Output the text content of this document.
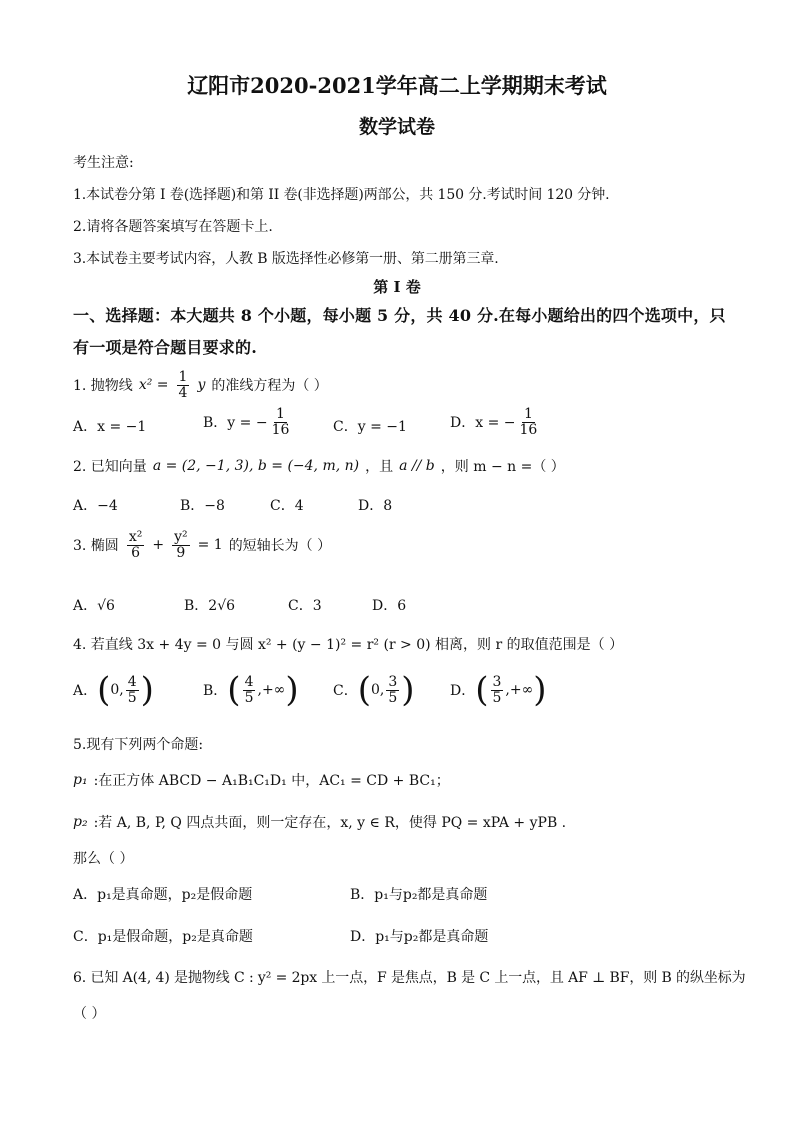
辽阳市2020-2021学年高二上学期期末考试
数学试卷
考生注意:
1.本试卷分第 I 卷(选择题)和第 II 卷(非选择题)两部公，共 150 分.考试时间 120 分钟.
2.请将各题答案填写在答题卡上.
3.本试卷主要考试内容，人教 B 版选择性必修第一册、第二册第三章.
第 I 卷
一、选择题：本大题共 8 个小题，每小题 5 分，共 40 分.在每小题给出的四个选项中，只有一项是符合题目要求的.
1. 抛物线 $x^2 = \frac{1}{4}$ y 的准线方程为（ ）
A．x = −1	B．y = − $\frac{1}{16}$	C．y = −1	D．x = − $\frac{1}{16}$
2. 已知向量 a = (2, −1, 3), b = (−4, m, n) ，且 a // b ，则 m − n =（ ）
A．−4	B．−8	C．4	D．8
3. 椭圆 $\frac{\text{x²}}{6} + \frac{\text{y²}}{9} = 1$ 的短轴长为（ ）
A．√6	B．2√6	C．3	D．6
4. 若直线 3x + 4y = 0 与圆 x² + (y − 1)² = r² (r > 0) 相离，则 r 的取值范围是（ ）
A． ( 0, $\frac{4}{5}$ )	B． ( $\frac{4}{5}$ , +∞ ) C． ( 0, $\frac{3}{5}$ )	D． ( $\frac{3}{5}$ , +∞ )
5.现有下列两个命题:
p₁ :在正方体 ABCD − A₁B₁C₁D₁ 中，AC₁ = CD + BC₁；
p₂ :若 A, B, P, Q 四点共面，则一定存在，x, y ∈ R，使得 PQ = xPA + yPB .
那么（ ）
A．p₁是真命题，p₂是假命题	B．p₁与p₂都是真命题
C．p₁是假命题，p₂是真命题	D．p₁与p₂都是真命题
6. 已知 A(4, 4) 是抛物线 C : y² = 2px 上一点，F 是焦点，B 是 C 上一点，且 AF ⊥ BF，则 B 的纵坐标为
（ ）
